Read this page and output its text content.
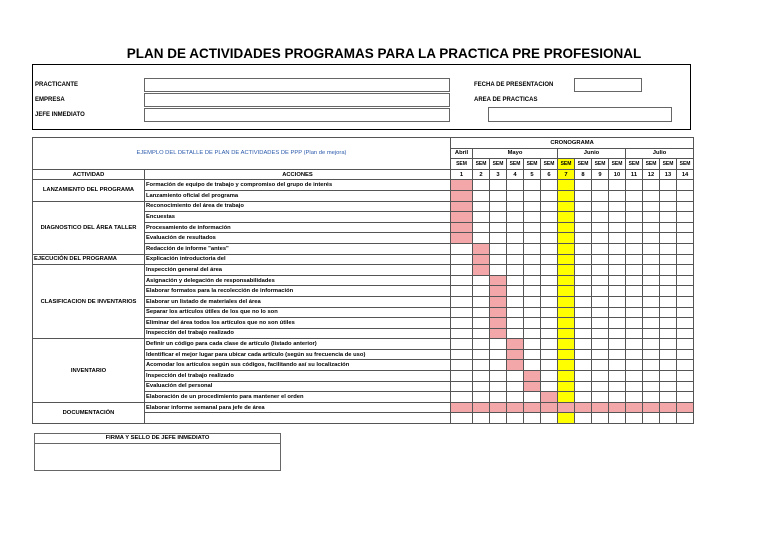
PLAN DE ACTIVIDADES PROGRAMAS PARA LA PRACTICA PRE PROFESIONAL
PRACTICANTE
EMPRESA
JEFE INMEDIATO
FECHA DE PRESENTACION
AREA DE PRACTICAS
EJEMPLO DEL DETALLE DE PLAN DE ACTIVIDADES DE PPP (Plan de mejora)		CRONOGRAMA													
		Abril	Mayo					Junio				Julio			
		SEM	SEM	SEM	SEM	SEM	SEM	SEM	SEM	SEM	SEM	SEM	SEM	SEM	SEM
ACTIVIDAD	ACCIONES	1	2	3	4	5	6	7	8	9	10	11	12	13	14
LANZAMIENTO DEL PROGRAMA	Formación de equipo de trabajo y compromiso del grupo de interés														
	Lanzamiento oficial del programa														
DIAGNOSTICO DEL ÁREA TALLER	Reconocimiento del área de trabajo														
	Encuestas														
	Procesamiento de información														
	Evaluación de resultados														
	Redacción de informe "antes"														
EJECUCIÓN DEL PROGRAMA	Explicación introductoria del														
CLASIFICACION DE INVENTARIOS	Inspección general del área														
	Asignación y delegación de responsabilidades														
	Elaborar formatos para la recolección de información														
	Elaborar un listado de materiales del área														
	Separar los artículos útiles de los que no lo son														
	Eliminar del área todos los artículos que no son útiles														
	Inspección del trabajo realizado														
INVENTARIO	Definir un código para cada clase de artículo (listado anterior)														
	Identificar el mejor lugar para ubicar cada artículo (según su frecuencia de uso)														
	Acomodar los artículos según sus códigos, facilitando así su localización														
	Inspección del trabajo realizado														
	Evaluación del personal														
	Elaboración de un procedimiento para mantener el orden														
DOCUMENTACIÓN	Elaborar informe semanal para jefe de área														

FIRMA Y SELLO DE JEFE INMEDIATO
